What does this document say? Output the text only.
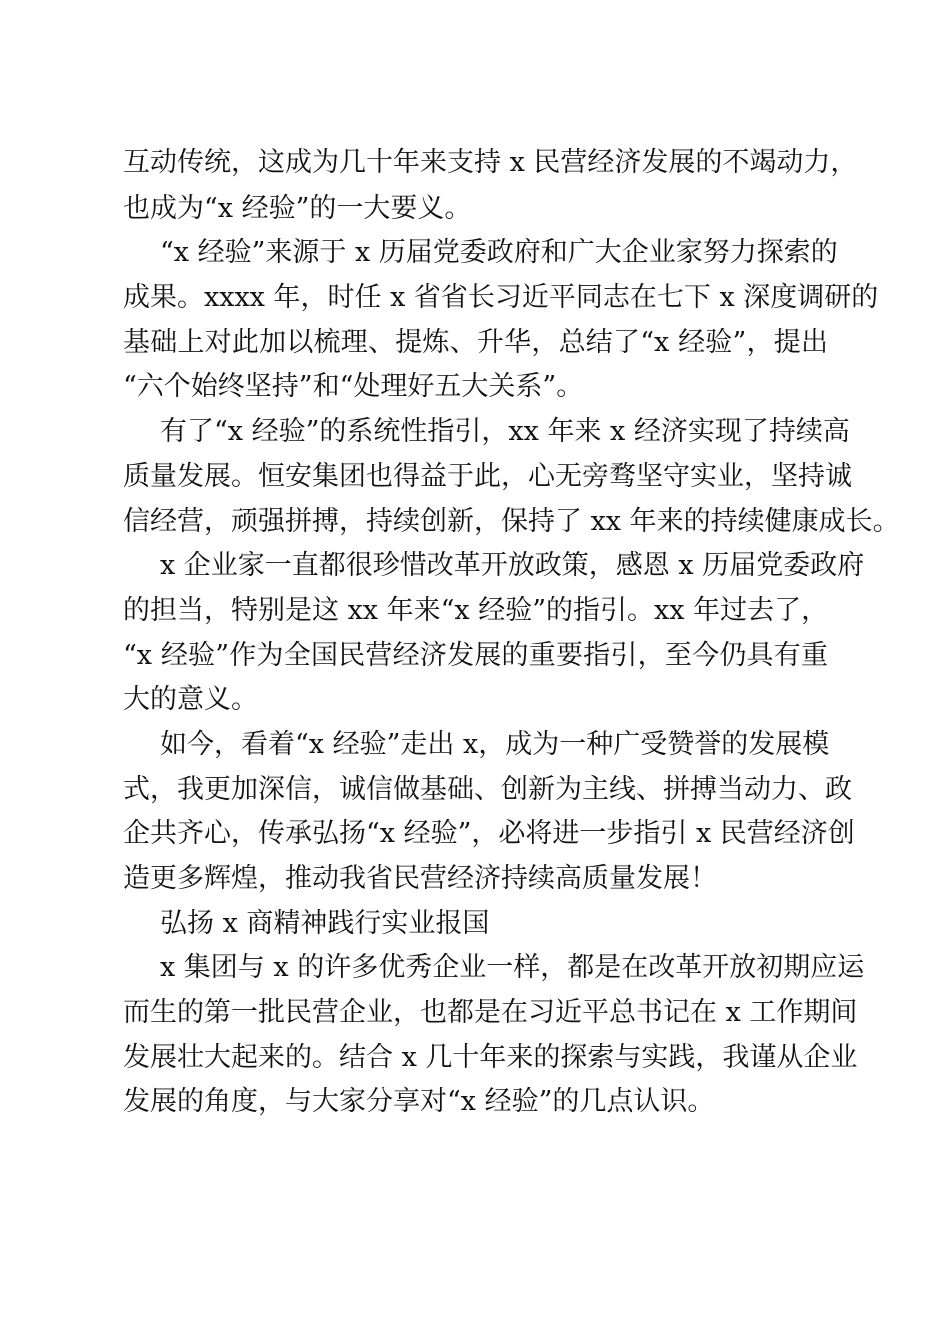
互动传统，这成为几十年来支持 x 民营经济发展的不竭动力，
也成为“x 经验”的一大要义。
“x 经验”来源于 x 历届党委政府和广大企业家努力探索的
成果。xxxx 年，时任 x 省省长习近平同志在七下 x 深度调研的
基础上对此加以梳理、提炼、升华，总结了“x 经验”，提出
“六个始终坚持”和“处理好五大关系”。
有了“x 经验”的系统性指引，xx 年来 x 经济实现了持续高
质量发展。恒安集团也得益于此，心无旁骛坚守实业，坚持诚
信经营，顽强拼搏，持续创新，保持了 xx 年来的持续健康成长。
x 企业家一直都很珍惜改革开放政策，感恩 x 历届党委政府
的担当，特别是这 xx 年来“x 经验”的指引。xx 年过去了，
“x 经验”作为全国民营经济发展的重要指引，至今仍具有重
大的意义。
如今，看着“x 经验”走出 x，成为一种广受赞誉的发展模
式，我更加深信，诚信做基础、创新为主线、拼搏当动力、政
企共齐心，传承弘扬“x 经验”，必将进一步指引 x 民营经济创
造更多辉煌，推动我省民营经济持续高质量发展！
弘扬 x 商精神践行实业报国
x 集团与 x 的许多优秀企业一样，都是在改革开放初期应运
而生的第一批民营企业，也都是在习近平总书记在 x 工作期间
发展壮大起来的。结合 x 几十年来的探索与实践，我谨从企业
发展的角度，与大家分享对“x 经验”的几点认识。
